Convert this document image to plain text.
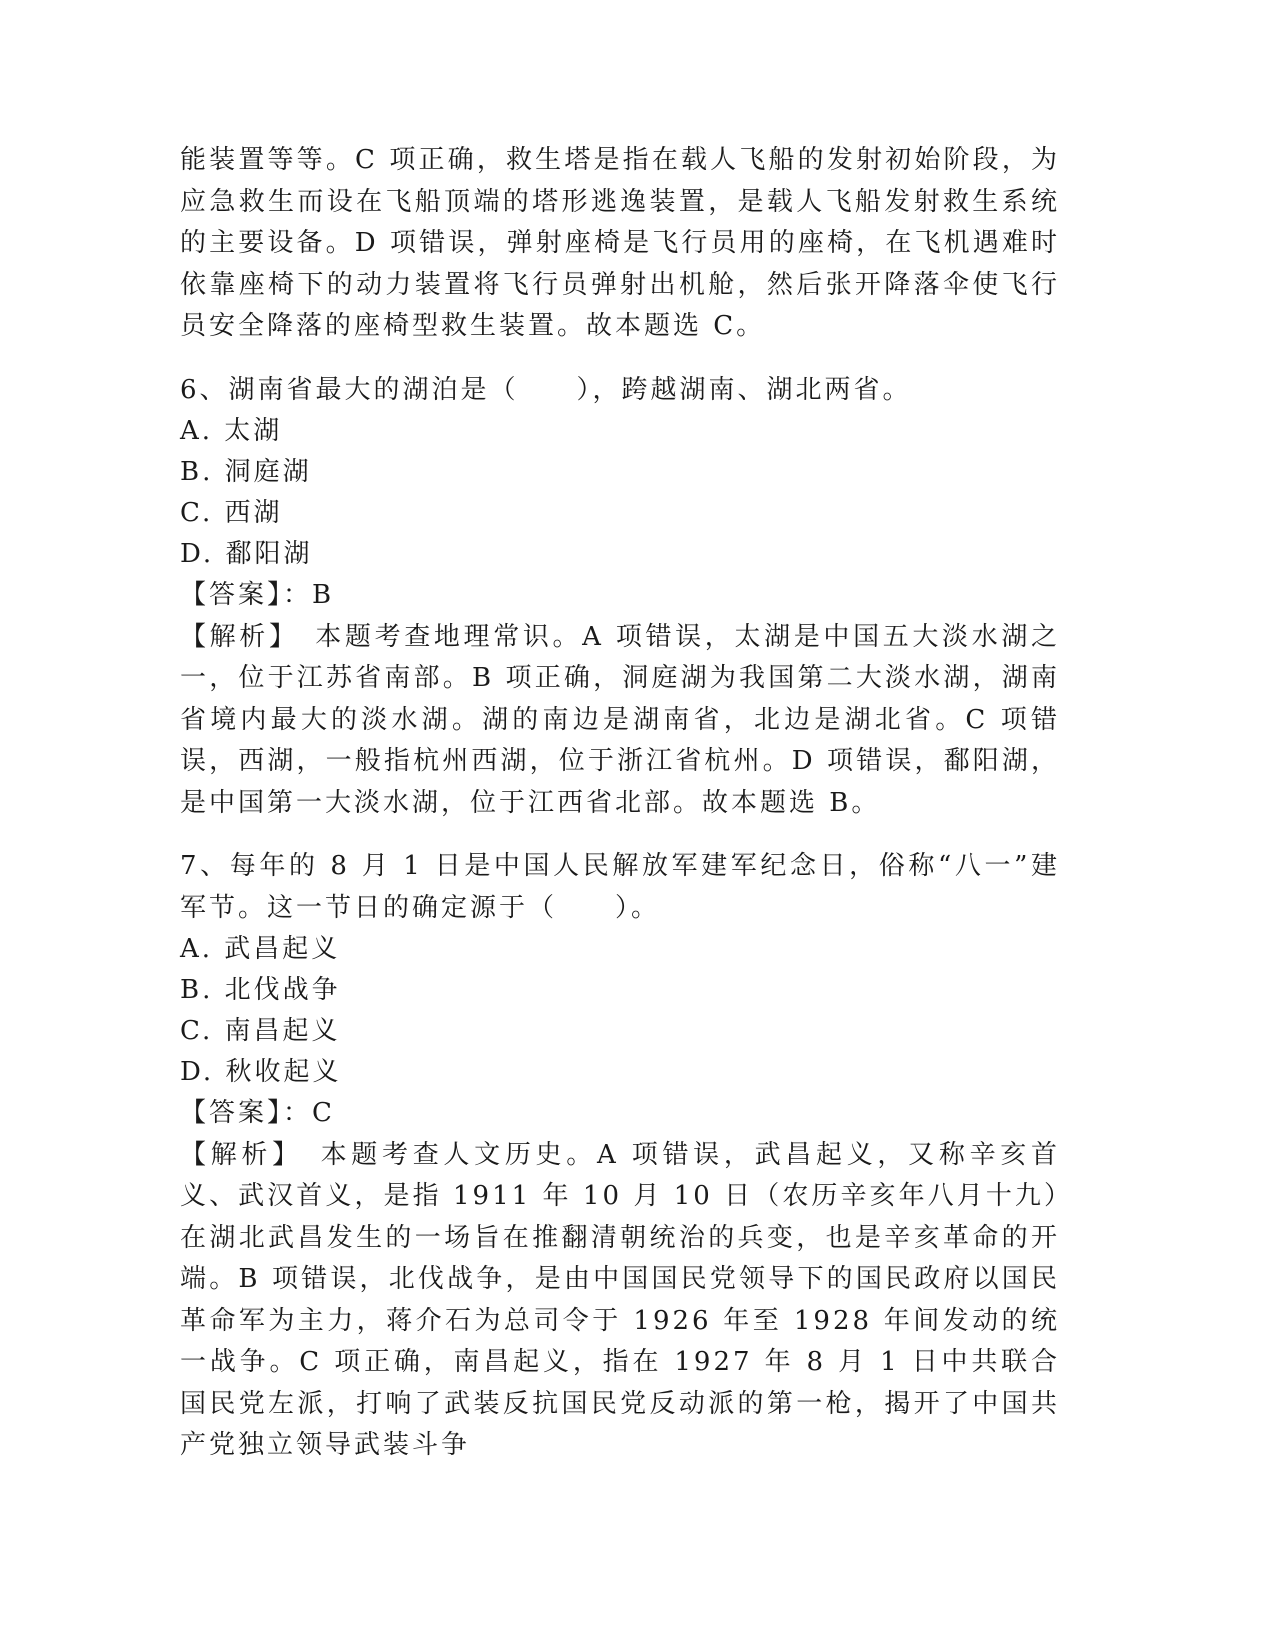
能装置等等。C 项正确，救生塔是指在载人飞船的发射初始阶段，为应急救生而设在飞船顶端的塔形逃逸装置，是载人飞船发射救生系统的主要设备。D 项错误，弹射座椅是飞行员用的座椅，在飞机遇难时依靠座椅下的动力装置将飞行员弹射出机舱，然后张开降落伞使飞行员安全降落的座椅型救生装置。故本题选 C。

6、湖南省最大的湖泊是（　　），跨越湖南、湖北两省。

A. 太湖

B. 洞庭湖

C. 西湖

D. 鄱阳湖

【答案】：B

【解析】　本题考查地理常识。A 项错误，太湖是中国五大淡水湖之一，位于江苏省南部。B 项正确，洞庭湖为我国第二大淡水湖，湖南省境内最大的淡水湖。湖的南边是湖南省，北边是湖北省。C 项错误，西湖，一般指杭州西湖，位于浙江省杭州。D 项错误，鄱阳湖，是中国第一大淡水湖，位于江西省北部。故本题选 B。

7、每年的 8 月 1 日是中国人民解放军建军纪念日，俗称“八一”建军节。这一节日的确定源于（　　）。

A. 武昌起义

B. 北伐战争

C. 南昌起义

D. 秋收起义

【答案】：C

【解析】　本题考查人文历史。A 项错误，武昌起义，又称辛亥首义、武汉首义，是指 1911 年 10 月 10 日（农历辛亥年八月十九）在湖北武昌发生的一场旨在推翻清朝统治的兵变，也是辛亥革命的开端。B 项错误，北伐战争，是由中国国民党领导下的国民政府以国民革命军为主力，蒋介石为总司令于 1926 年至 1928 年间发动的统一战争。C 项正确，南昌起义，指在 1927 年 8 月 1 日中共联合国民党左派，打响了武装反抗国民党反动派的第一枪，揭开了中国共产党独立领导武装斗争
